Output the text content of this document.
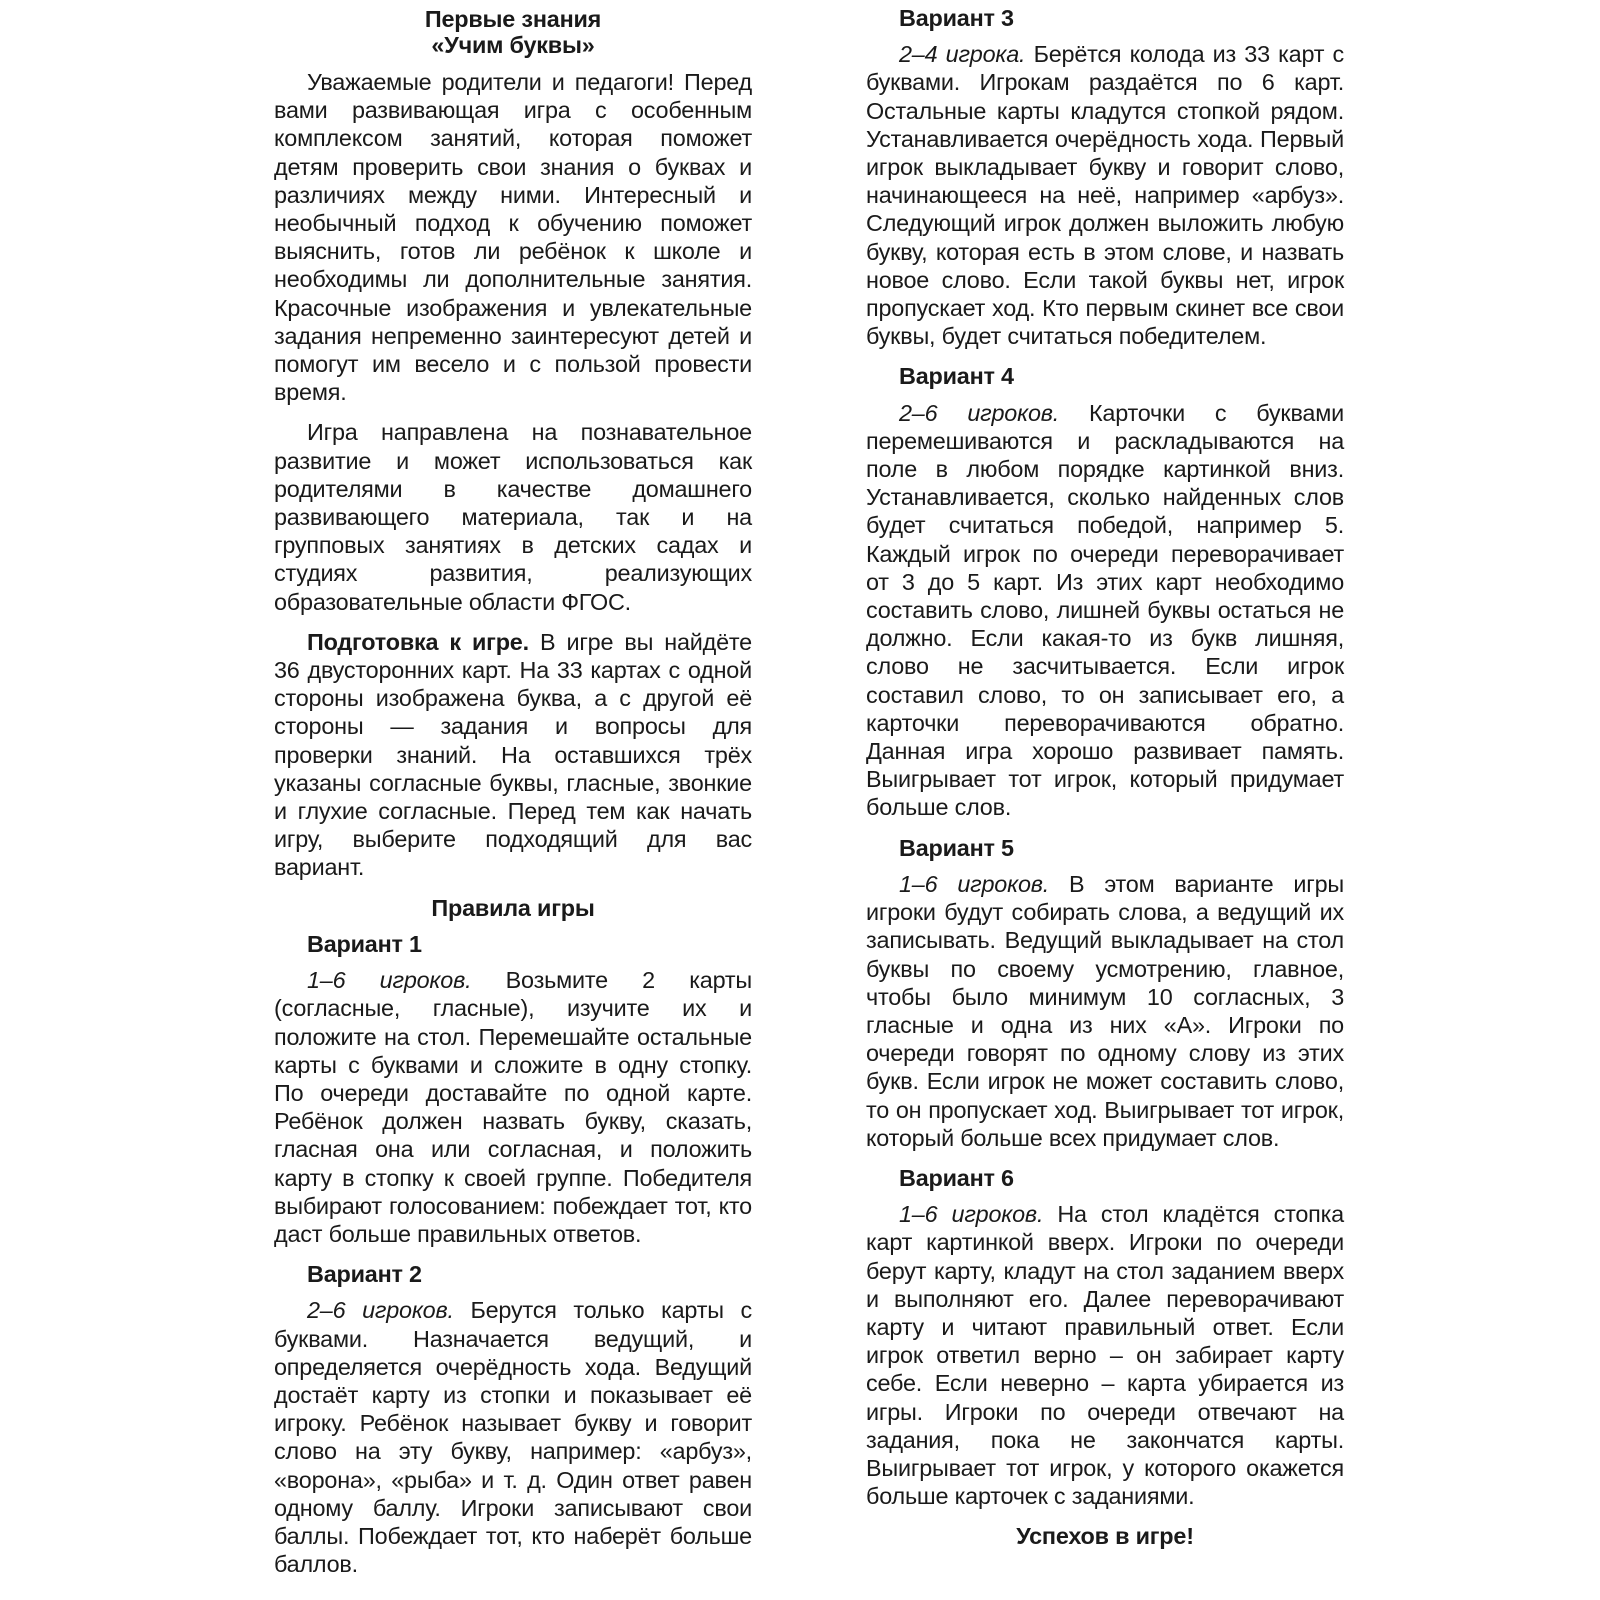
Первые знания
«Учим буквы»

Уважаемые родители и педагоги! Перед вами развивающая игра с особенным комплексом занятий, которая поможет детям проверить свои знания о буквах и различиях между ними. Интересный и необычный подход к обучению поможет выяснить, готов ли ребёнок к школе и необходимы ли дополнительные занятия. Красочные изображения и увлекательные задания непременно заинтересуют детей и помогут им весело и с пользой провести время.

Игра направлена на познавательное развитие и может использоваться как родителями в качестве домашнего развивающего материала, так и на групповых занятиях в детских садах и студиях развития, реализующих образовательные области ФГОС.

Подготовка к игре. В игре вы найдёте 36 двусторонних карт. На 33 картах с одной стороны изображена буква, а с другой её стороны — задания и вопросы для проверки знаний. На оставшихся трёх указаны согласные буквы, гласные, звонкие и глухие согласные. Перед тем как начать игру, выберите подходящий для вас вариант.

Правила игры
Вариант 1

1–6 игроков. Возьмите 2 карты (согласные, гласные), изучите их и положите на стол. Перемешайте остальные карты с буквами и сложите в одну стопку. По очереди доставайте по одной карте. Ребёнок должен назвать букву, сказать, гласная она или согласная, и положить карту в стопку к своей группе. Победителя выбирают голосованием: побеждает тот, кто даст больше правильных ответов.

Вариант 2

2–6 игроков. Берутся только карты с буквами. Назначается ведущий, и определяется очерёдность хода. Ведущий достаёт карту из стопки и показывает её игроку. Ребёнок называет букву и говорит слово на эту букву, например: «арбуз», «ворона», «рыба» и т. д. Один ответ равен одному баллу. Игроки записывают свои баллы. Побеждает тот, кто наберёт больше баллов.

Вариант 3

2–4 игрока. Берётся колода из 33 карт с буквами. Игрокам раздаётся по 6 карт. Остальные карты кладутся стопкой рядом. Устанавливается очерёдность хода. Первый игрок выкладывает букву и говорит слово, начинающееся на неё, например «арбуз». Следующий игрок должен выложить любую букву, которая есть в этом слове, и назвать новое слово. Если такой буквы нет, игрок пропускает ход. Кто первым скинет все свои буквы, будет считаться победителем.

Вариант 4

2–6 игроков. Карточки с буквами перемешиваются и раскладываются на поле в любом порядке картинкой вниз. Устанавливается, сколько найденных слов будет считаться победой, например 5. Каждый игрок по очереди переворачивает от 3 до 5 карт. Из этих карт необходимо составить слово, лишней буквы остаться не должно. Если какая-то из букв лишняя, слово не засчитывается. Если игрок составил слово, то он записывает его, а карточки переворачиваются обратно. Данная игра хорошо развивает память. Выигрывает тот игрок, который придумает больше слов.

Вариант 5

1–6 игроков. В этом варианте игры игроки будут собирать слова, а ведущий их записывать. Ведущий выкладывает на стол буквы по своему усмотрению, главное, чтобы было минимум 10 согласных, 3 гласные и одна из них «А». Игроки по очереди говорят по одному слову из этих букв. Если игрок не может составить слово, то он пропускает ход. Выигрывает тот игрок, который больше всех придумает слов.

Вариант 6

1–6 игроков. На стол кладётся стопка карт картинкой вверх. Игроки по очереди берут карту, кладут на стол заданием вверх и выполняют его. Далее переворачивают карту и читают правильный ответ. Если игрок ответил верно – он забирает карту себе. Если неверно – карта убирается из игры. Игроки по очереди отвечают на задания, пока не закончатся карты. Выигрывает тот игрок, у которого окажется больше карточек с заданиями.

Успехов в игре!
